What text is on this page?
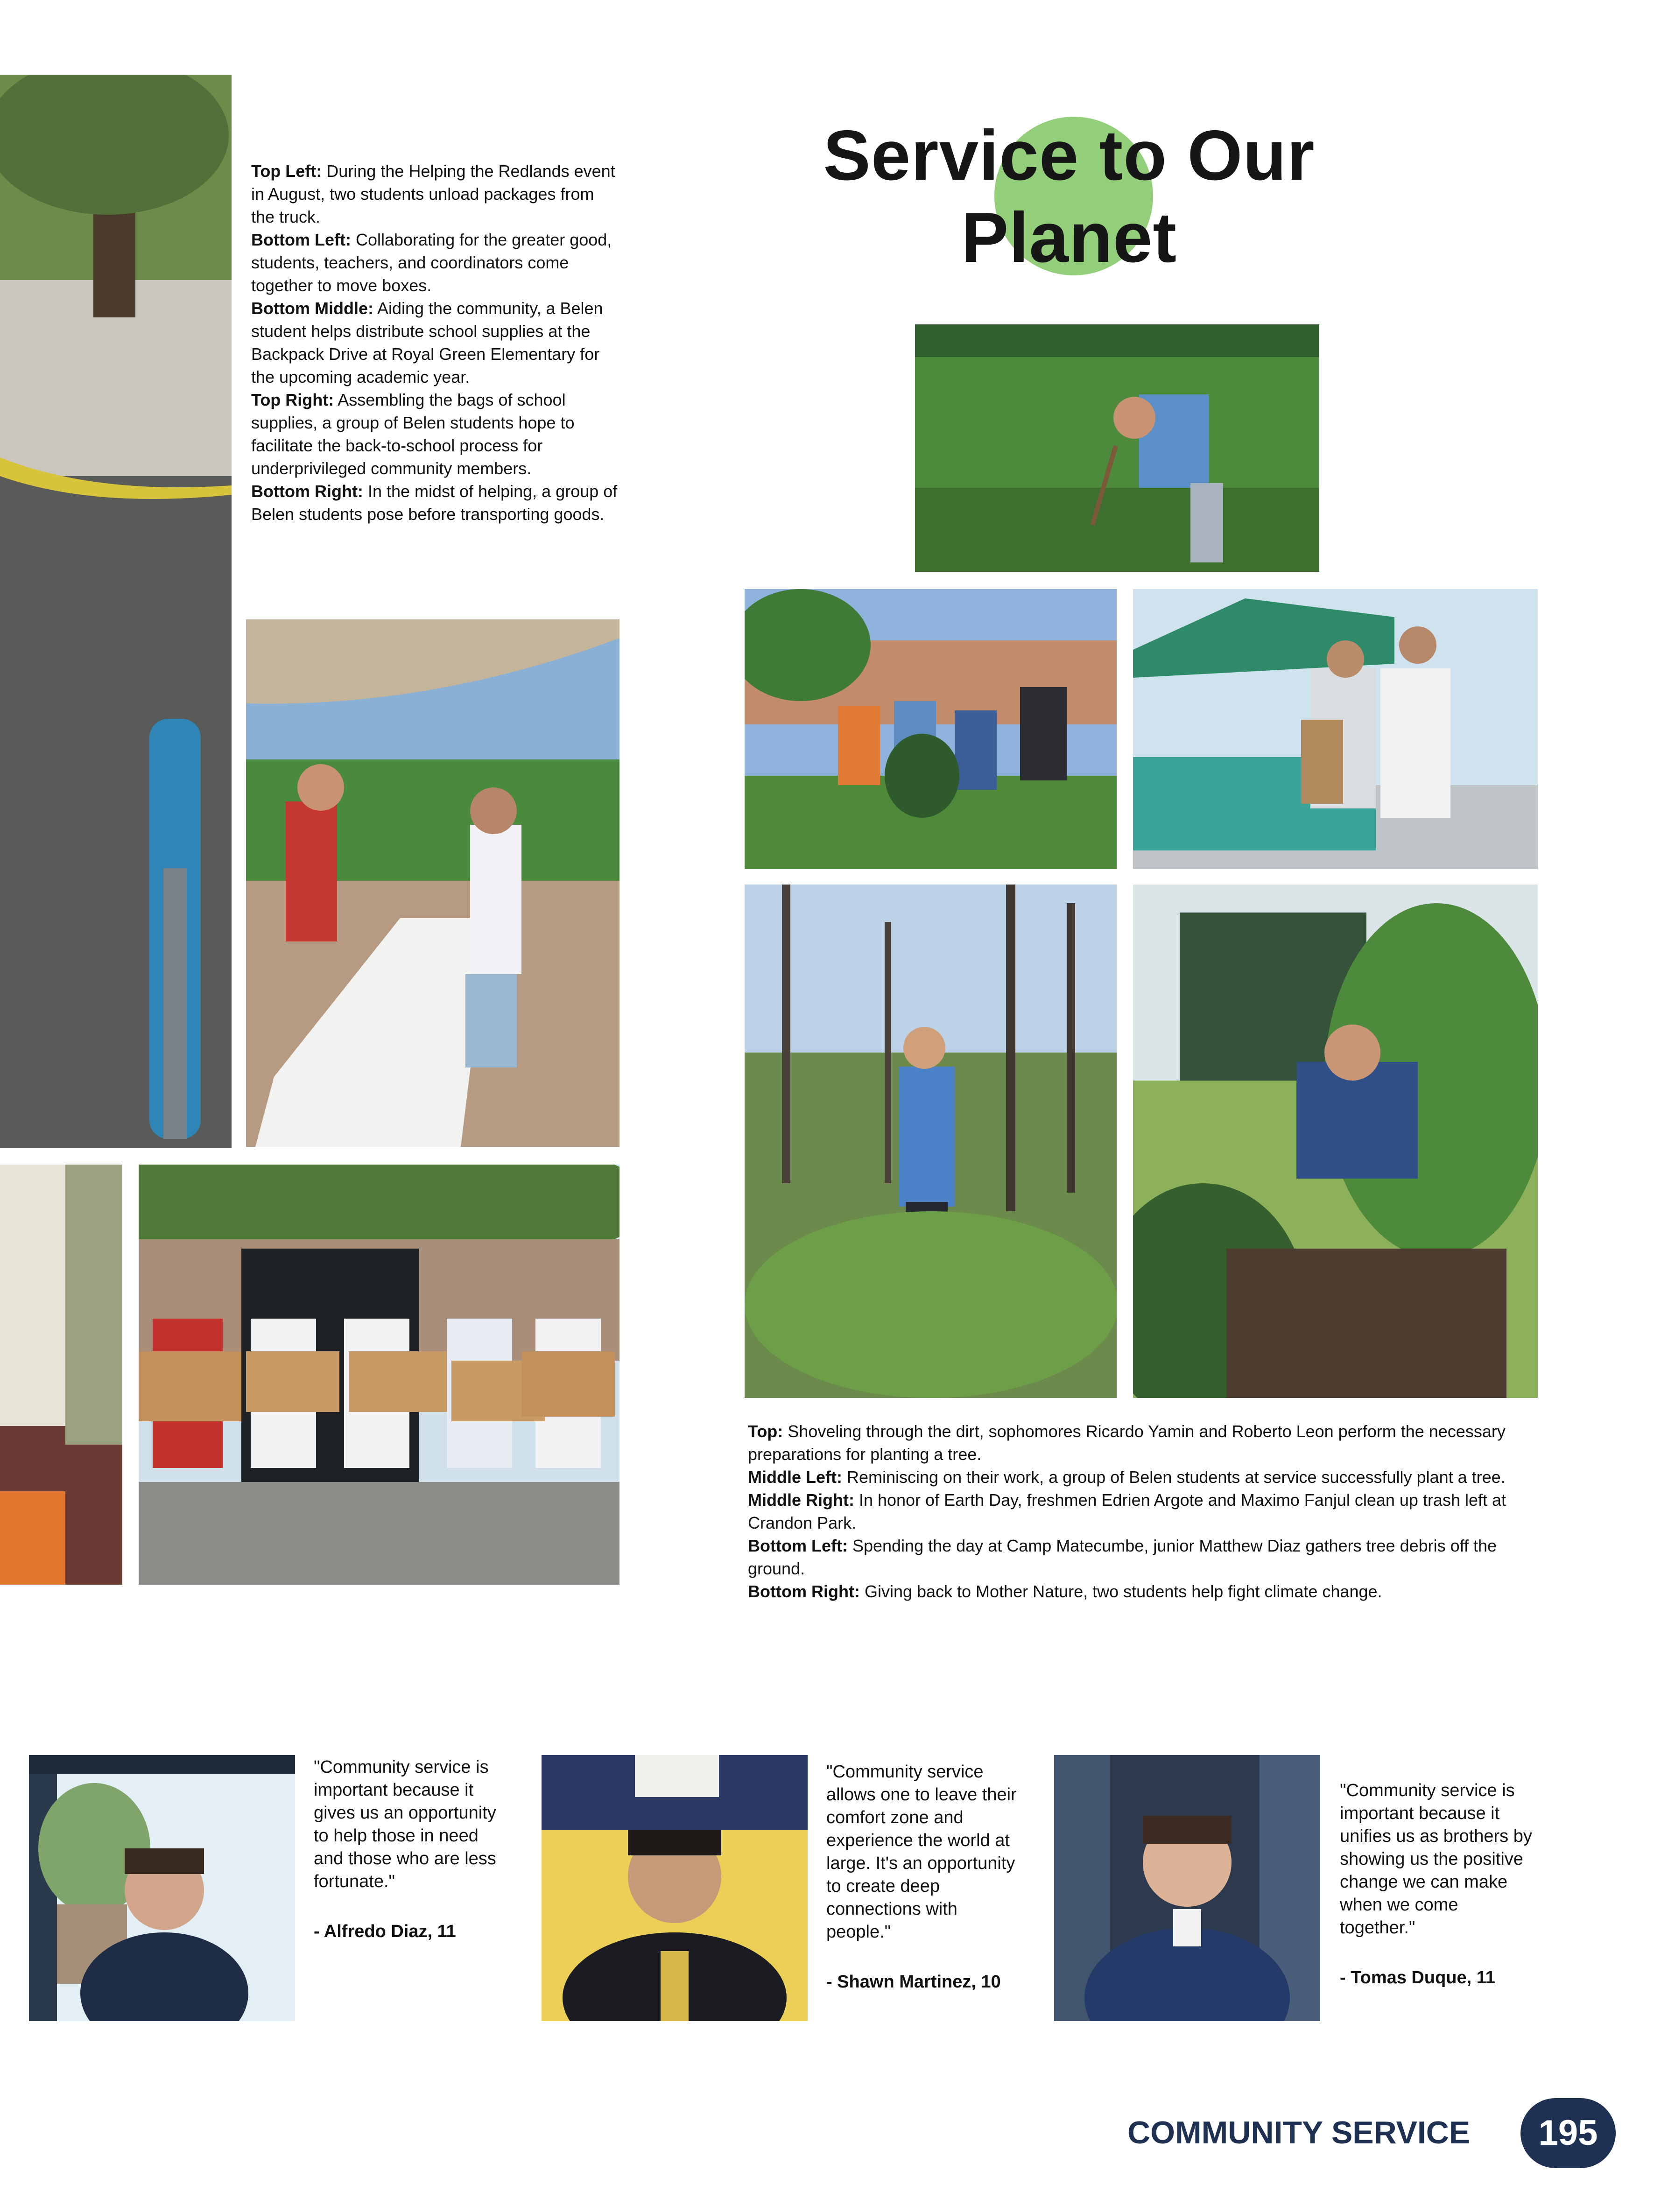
Top Left: During the Helping the Redlands event in August, two students unload packages from the truck.

Bottom Left: Collaborating for the greater good, students, teachers, and coordinators come together to move boxes.

Bottom Middle: Aiding the community, a Belen student helps distribute school supplies at the Backpack Drive at Royal Green Elementary for the upcoming academic year.

Top Right: Assembling the bags of school supplies, a group of Belen students hope to facilitate the back-to-school process for underprivileged community members.

Bottom Right: In the midst of helping, a group of Belen students pose before transporting goods.

Service to Our
Planet

Top: Shoveling through the dirt, sophomores Ricardo Yamin and Roberto Leon perform the necessary preparations for planting a tree.

Middle Left: Reminiscing on their work, a group of Belen students at service successfully plant a tree.

Middle Right: In honor of Earth Day, freshmen Edrien Argote and Maximo Fanjul clean up trash left at Crandon Park.

Bottom Left: Spending the day at Camp Matecumbe, junior Matthew Diaz gathers tree debris off the ground.

Bottom Right: Giving back to Mother Nature, two students help fight climate change.

"Community service is important because it gives us an opportunity to help those in need and those who are less fortunate."

- Alfredo Diaz, 11

"Community service allows one to leave their comfort zone and experience the world at large. It's an opportunity to create deep connections with people."

- Shawn Martinez, 10

"Community service is important because it unifies us as brothers by showing us the positive change we can make when we come together."

- Tomas Duque, 11

COMMUNITY SERVICE	195
